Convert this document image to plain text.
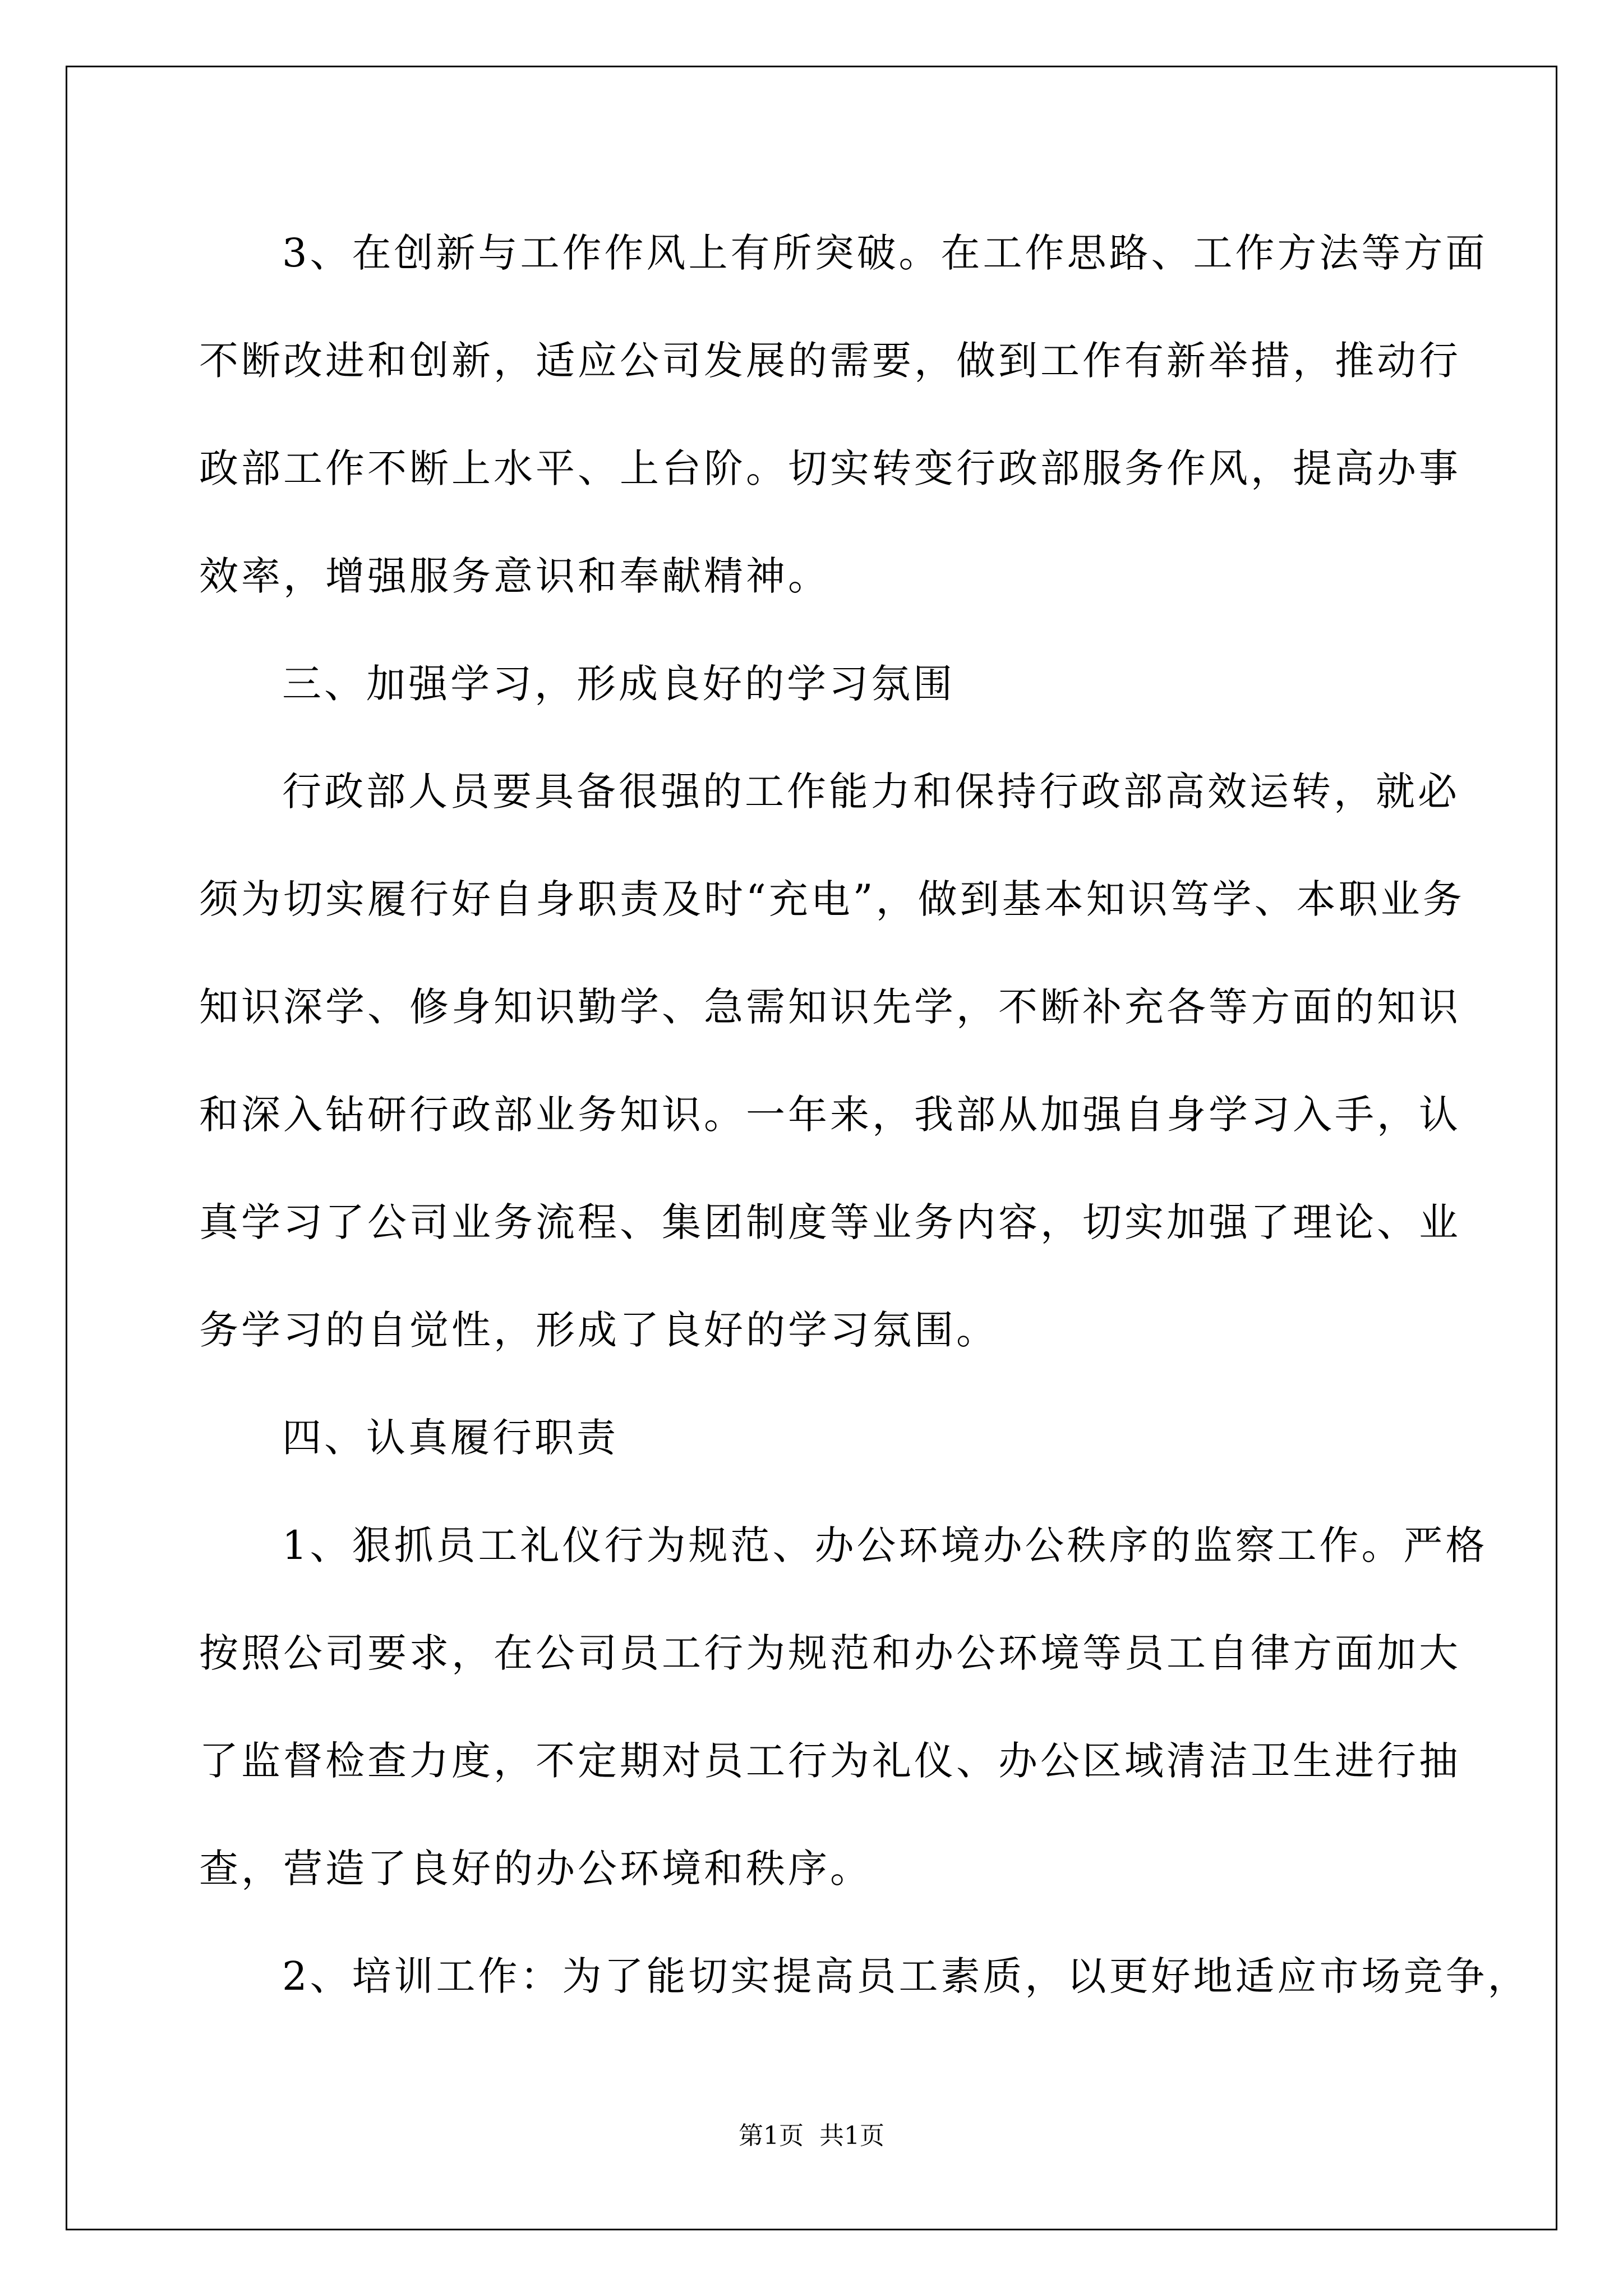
3、在创新与工作作风上有所突破。在工作思路、工作方法等方面
不断改进和创新，适应公司发展的需要，做到工作有新举措，推动行
政部工作不断上水平、上台阶。切实转变行政部服务作风，提高办事
效率，增强服务意识和奉献精神。
三、加强学习，形成良好的学习氛围
行政部人员要具备很强的工作能力和保持行政部高效运转，就必
须为切实履行好自身职责及时“充电”，做到基本知识笃学、本职业务
知识深学、修身知识勤学、急需知识先学，不断补充各等方面的知识
和深入钻研行政部业务知识。一年来，我部从加强自身学习入手，认
真学习了公司业务流程、集团制度等业务内容，切实加强了理论、业
务学习的自觉性，形成了良好的学习氛围。
四、认真履行职责
1、狠抓员工礼仪行为规范、办公环境办公秩序的监察工作。严格
按照公司要求，在公司员工行为规范和办公环境等员工自律方面加大
了监督检查力度，不定期对员工行为礼仪、办公区域清洁卫生进行抽
查，营造了良好的办公环境和秩序。
2、培训工作：为了能切实提高员工素质，以更好地适应市场竞争，
第1页  共1页
